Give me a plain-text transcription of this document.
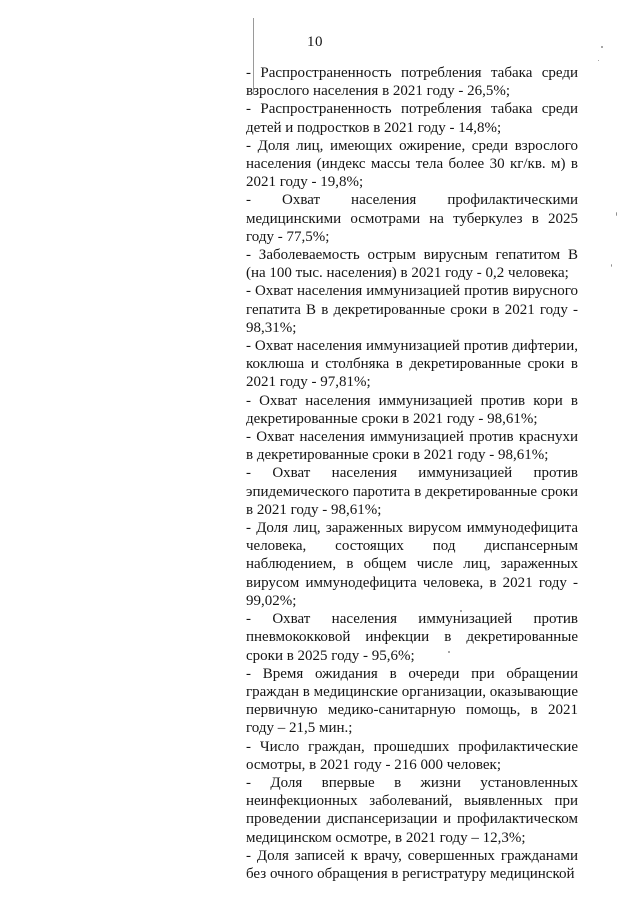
10

- Распространенность потребления табака среди взрослого населения в 2021 году - 26,5%;

- Распространенность потребления табака среди детей и подростков в 2021 году - 14,8%;

- Доля лиц, имеющих ожирение, среди взрослого населения (индекс массы тела более 30 кг/кв. м) в 2021 году - 19,8%;

- Охват населения профилактическими медицинскими осмотрами на туберкулез в 2025 году - 77,5%;

- Заболеваемость острым вирусным гепатитом В (на 100 тыс. населения) в 2021 году - 0,2 человека;

- Охват населения иммунизацией против вирусного гепатита В в декретированные сроки в 2021 году - 98,31%;

- Охват населения иммунизацией против дифтерии, коклюша и столбняка в декретированные сроки в 2021 году - 97,81%;

- Охват населения иммунизацией против кори в декретированные сроки в 2021 году - 98,61%;

- Охват населения иммунизацией против краснухи в декретированные сроки в 2021 году - 98,61%;

- Охват населения иммунизацией против эпидемического паротита в декретированные сроки в 2021 году - 98,61%;

- Доля лиц, зараженных вирусом иммунодефицита человека, состоящих под диспансерным наблюдением, в общем числе лиц, зараженных вирусом иммунодефицита человека, в 2021 году - 99,02%;

- Охват населения иммунизацией против пневмококковой инфекции в декретированные сроки в 2025 году - 95,6%;

- Время ожидания в очереди при обращении граждан в медицинские организации, оказывающие первичную медико-санитарную помощь, в 2021 году – 21,5 мин.;

- Число граждан, прошедших профилактические осмотры, в 2021 году - 216 000 человек;

- Доля впервые в жизни установленных неинфекционных заболеваний, выявленных при проведении диспансеризации и профилактическом медицинском осмотре, в 2021 году – 12,3%;

- Доля записей к врачу, совершенных гражданами без очного обращения в регистратуру медицинской
